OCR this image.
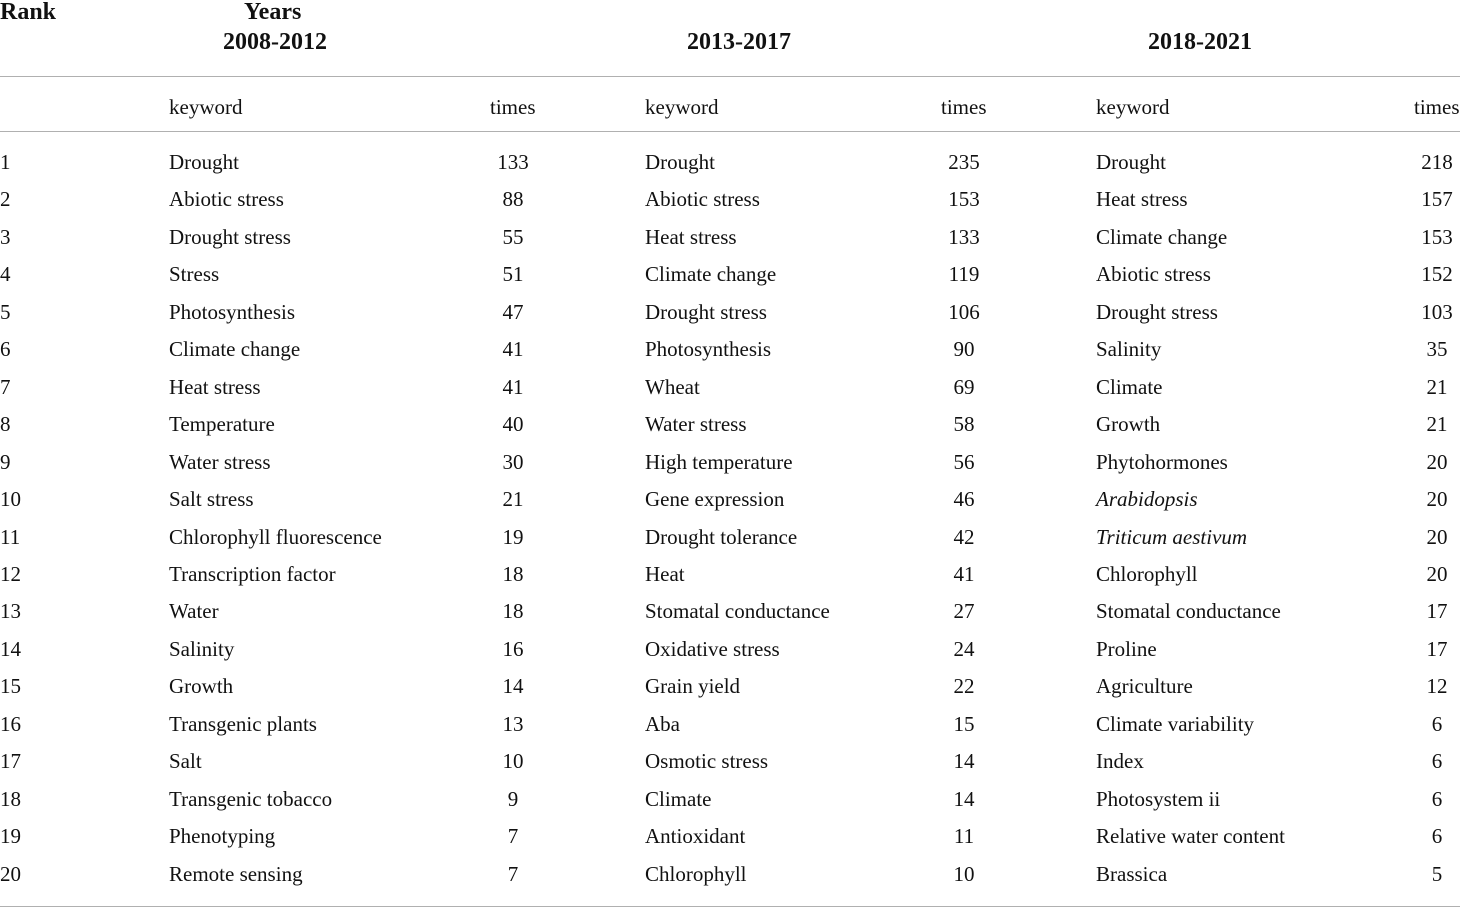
Rank	Years
2008-2012	2013-2017	2018-2021
keyword	times	keyword	times	keyword	times
1	Drought	133	Drought	235	Drought	218
2	Abiotic stress	88	Abiotic stress	153	Heat stress	157
3	Drought stress	55	Heat stress	133	Climate change	153
4	Stress	51	Climate change	119	Abiotic stress	152
5	Photosynthesis	47	Drought stress	106	Drought stress	103
6	Climate change	41	Photosynthesis	90	Salinity	35
7	Heat stress	41	Wheat	69	Climate	21
8	Temperature	40	Water stress	58	Growth	21
9	Water stress	30	High temperature	56	Phytohormones	20
10	Salt stress	21	Gene expression	46	Arabidopsis	20
11	Chlorophyll fluorescence	19	Drought tolerance	42	Triticum aestivum	20
12	Transcription factor	18	Heat	41	Chlorophyll	20
13	Water	18	Stomatal conductance	27	Stomatal conductance	17
14	Salinity	16	Oxidative stress	24	Proline	17
15	Growth	14	Grain yield	22	Agriculture	12
16	Transgenic plants	13	Aba	15	Climate variability	6
17	Salt	10	Osmotic stress	14	Index	6
18	Transgenic tobacco	9	Climate	14	Photosystem ii	6
19	Phenotyping	7	Antioxidant	11	Relative water content	6
20	Remote sensing	7	Chlorophyll	10	Brassica	5
